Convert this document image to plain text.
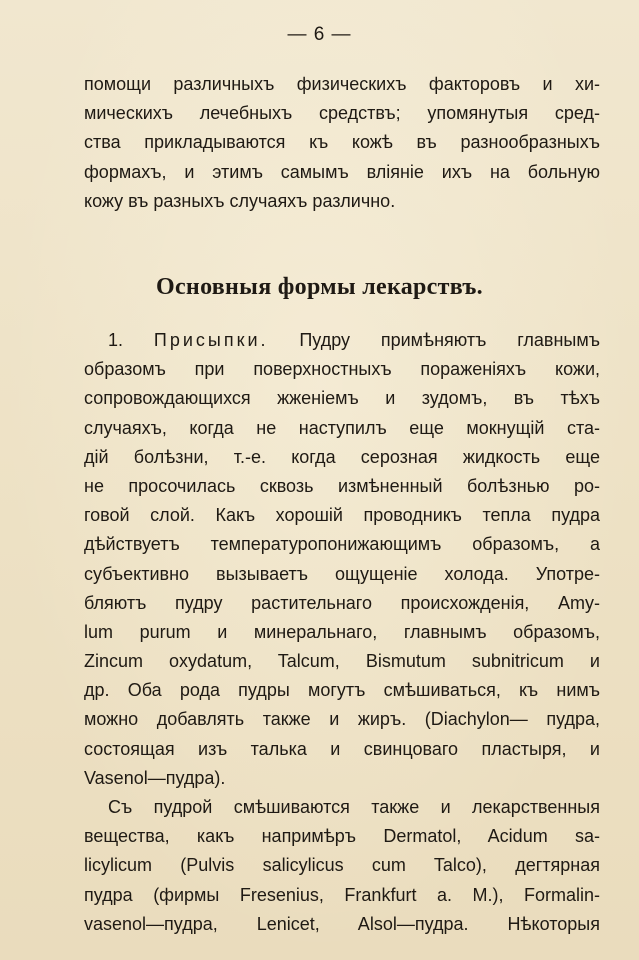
— 6 —
помощи различныхъ физическихъ факторовъ и хи-
мическихъ лечебныхъ средствъ; упомянутыя сред-
ства прикладываются къ кожѣ въ разнообразныхъ
формахъ, и этимъ самымъ вліяніе ихъ на больную
кожу въ разныхъ случаяхъ различно.
Основныя формы лекарствъ.
1. Присыпки. Пудру примѣняютъ главнымъ
образомъ при поверхностныхъ пораженіяхъ кожи,
сопровождающихся жженіемъ и зудомъ, въ тѣхъ
случаяхъ, когда не наступилъ еще мокнущій ста-
дій болѣзни, т.-е. когда серозная жидкость еще
не просочилась сквозь измѣненный болѣзнью ро-
говой слой. Какъ хорошій проводникъ тепла пудра
дѣйствуетъ температуропонижающимъ образомъ, а
субъективно вызываетъ ощущеніе холода. Употре-
бляютъ пудру растительнаго происхожденія, Amy-
lum purum и минеральнаго, главнымъ образомъ,
Zincum oxydatum, Talcum, Bismutum subnitricum и
др. Оба рода пудры могутъ смѣшиваться, къ нимъ
можно добавлять также и жиръ. (Diachylon— пудра,
состоящая изъ талька и свинцоваго пластыря, и
Vasenol—пудра).
Съ пудрой смѣшиваются также и лекарственныя
вещества, какъ напримѣръ Dermatol, Acidum sa-
licylicum (Pulvis salicylicus cum Talco), дегтярная
пудра (фирмы Fresenius, Frankfurt a. M.), Formalin-
vasenol—пудра, Lenicet, Alsol—пудра. Нѣкоторыя
